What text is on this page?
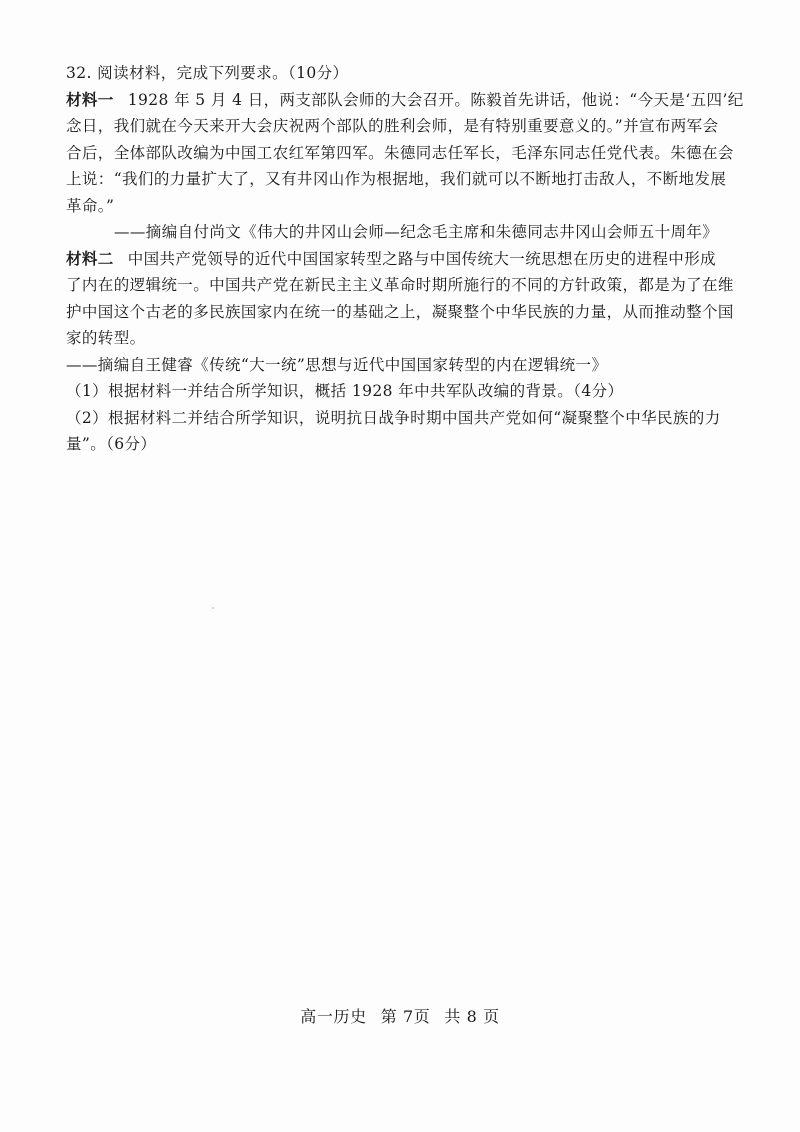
32. 阅读材料，完成下列要求。（10分）
材料一 1928 年 5 月 4 日，两支部队会师的大会召开。陈毅首先讲话，他说：“今天是‘五四’纪
念日，我们就在今天来开大会庆祝两个部队的胜利会师，是有特别重要意义的。”并宣布两军会
合后，全体部队改编为中国工农红军第四军。朱德同志任军长，毛泽东同志任党代表。朱德在会
上说：“我们的力量扩大了，又有井冈山作为根据地，我们就可以不断地打击敌人，不断地发展
革命。”
——摘编自付尚文《伟大的井冈山会师—纪念毛主席和朱德同志井冈山会师五十周年》
材料二 中国共产党领导的近代中国国家转型之路与中国传统大一统思想在历史的进程中形成
了内在的逻辑统一。中国共产党在新民主主义革命时期所施行的不同的方针政策，都是为了在维
护中国这个古老的多民族国家内在统一的基础之上，凝聚整个中华民族的力量，从而推动整个国
家的转型。
——摘编自王健睿《传统“大一统”思想与近代中国国家转型的内在逻辑统一》
（1）根据材料一并结合所学知识，概括 1928 年中共军队改编的背景。（4分）
（2）根据材料二并结合所学知识，说明抗日战争时期中国共产党如何“凝聚整个中华民族的力
量”。（6分）
高一历史 第 7页 共 8 页
